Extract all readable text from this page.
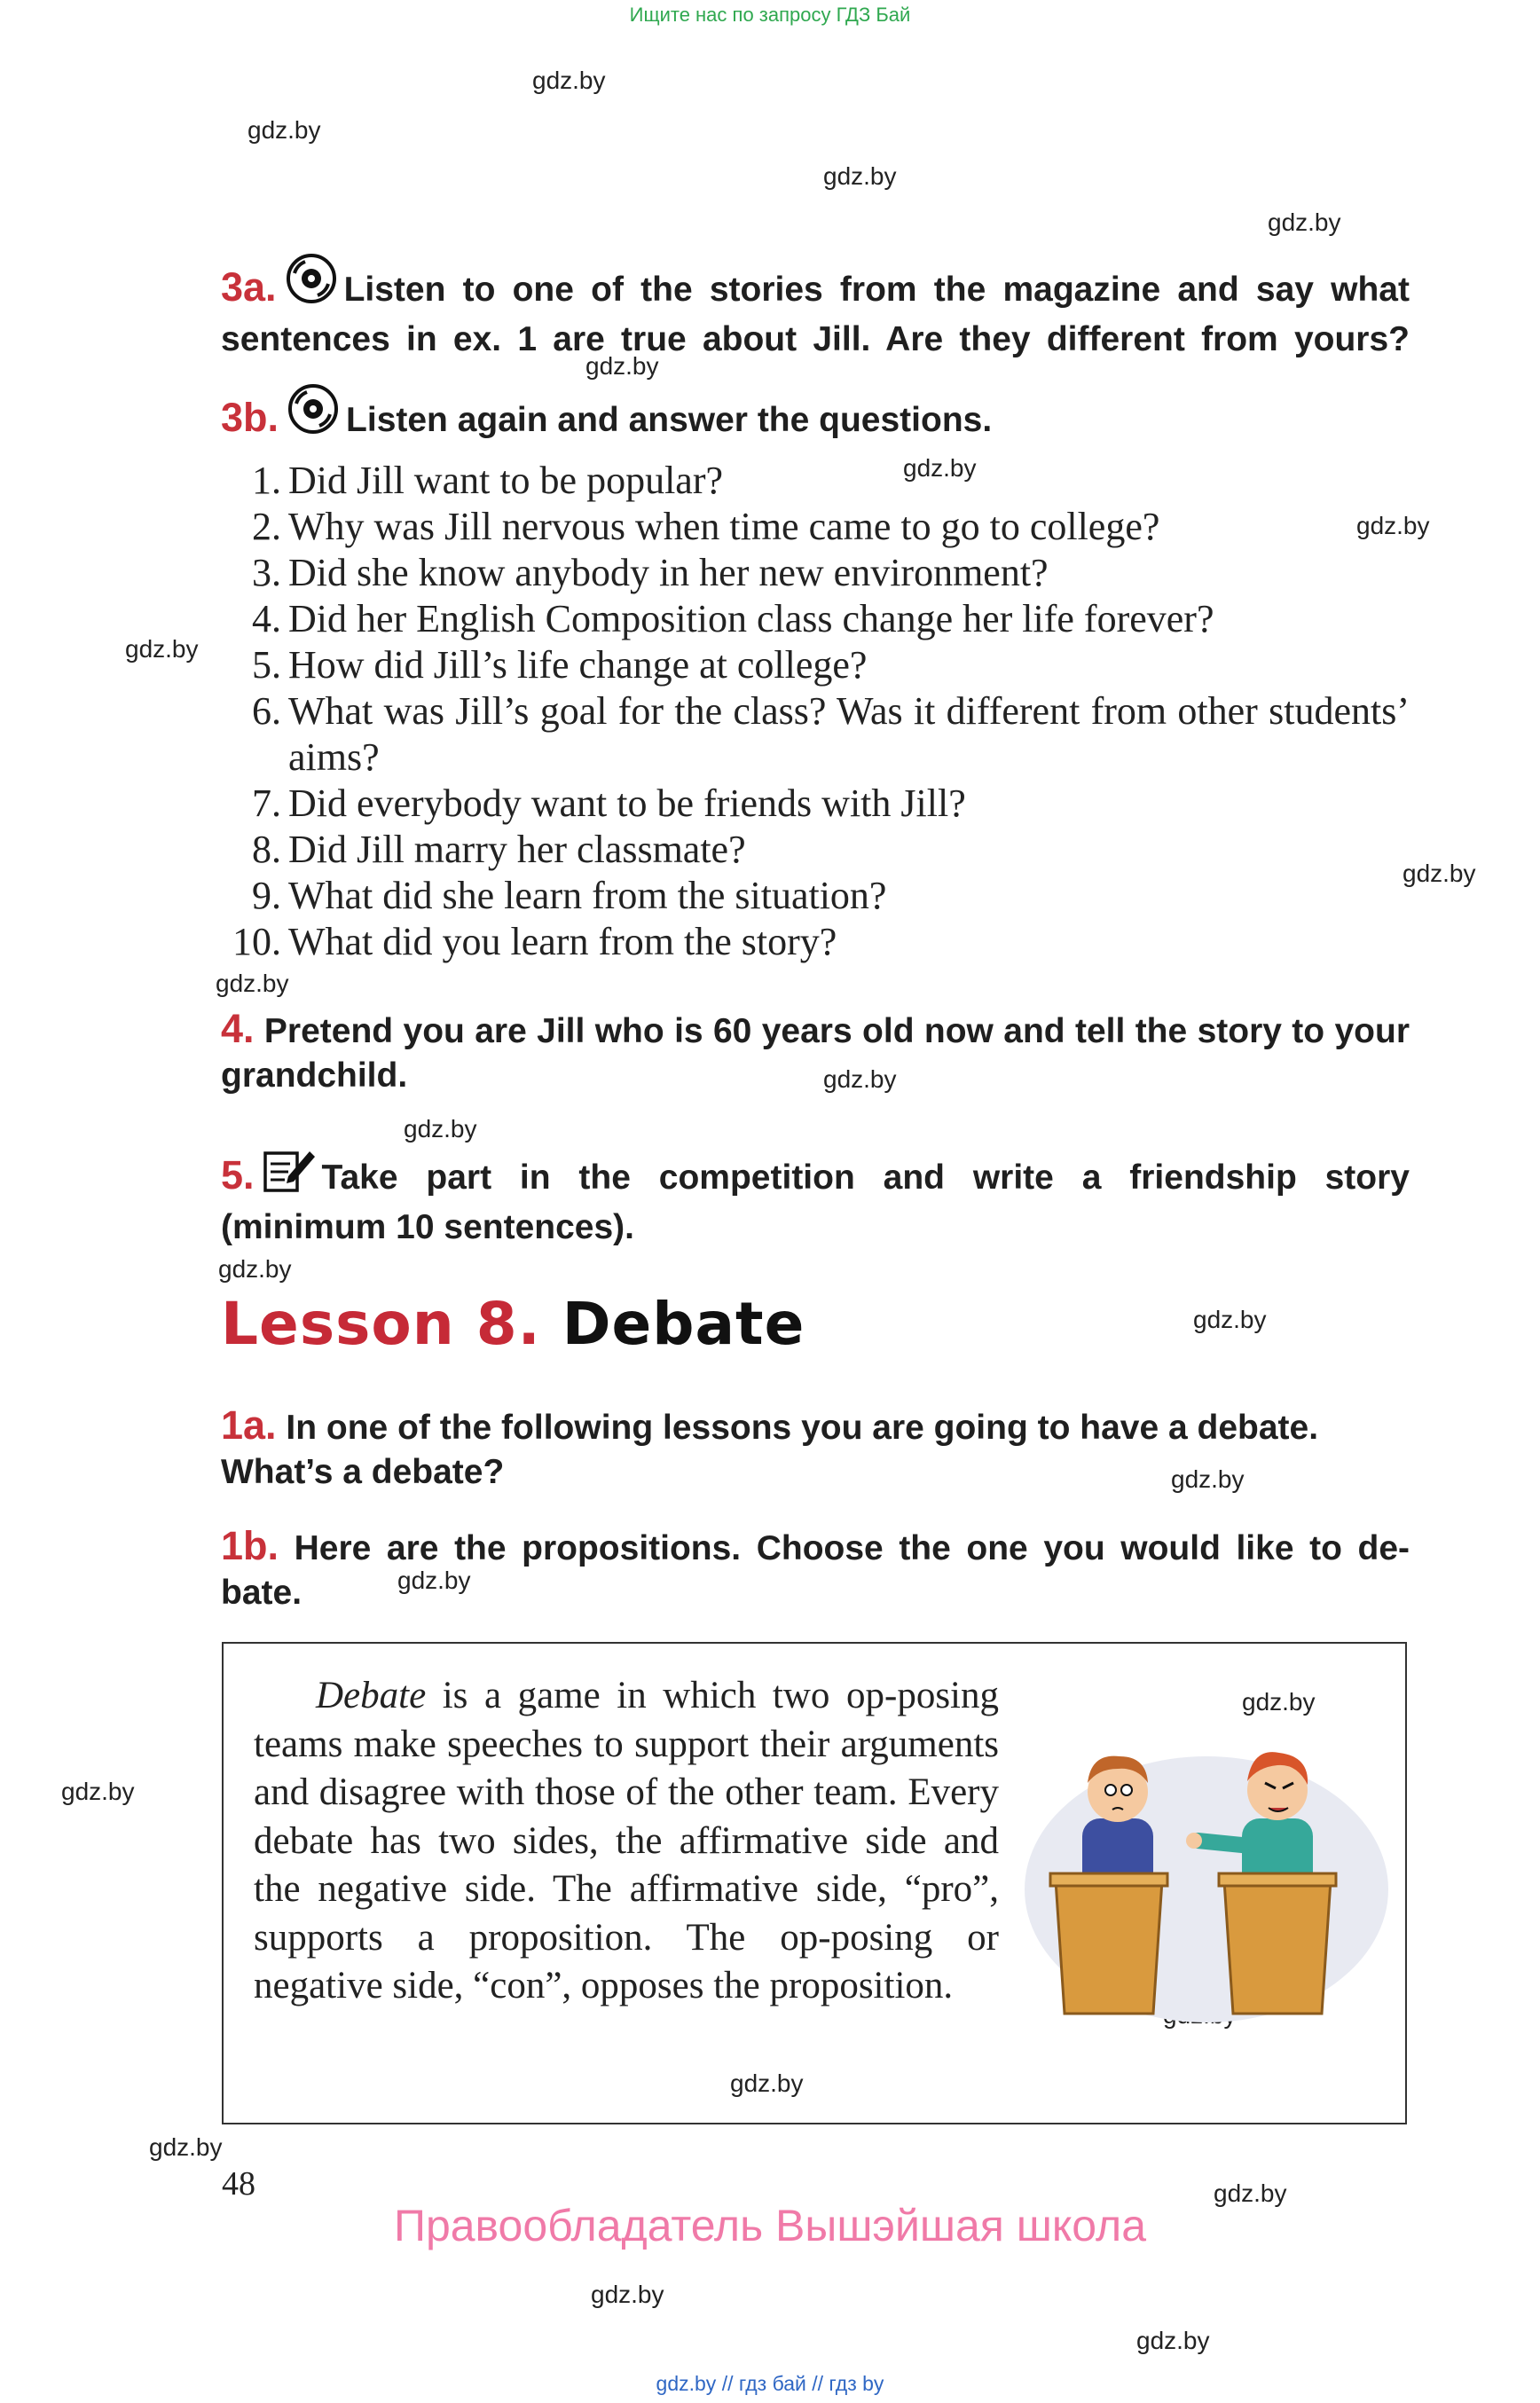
Ищите нас по запросу ГДЗ Бай
gdz.by
gdz.by
gdz.by
gdz.by
gdz.by
gdz.by
gdz.by
gdz.by
gdz.by
gdz.by
gdz.by
gdz.by
gdz.by
gdz.by
gdz.by
gdz.by
gdz.by
gdz.by
gdz.by
gdz.by
gdz.by
gdz.by
gdz.by
3a. Listen to one of the stories from the magazine and say what sentences in ex. 1 are true about Jill. Are they different from yours?
3b. Listen again and answer the questions.
1. Did Jill want to be popular?
2. Why was Jill nervous when time came to go to college?
3. Did she know anybody in her new environment?
4. Did her English Composition class change her life forever?
5. How did Jill’s life change at college?
6. What was Jill’s goal for the class? Was it different from other students’ aims?
7. Did everybody want to be friends with Jill?
8. Did Jill marry her classmate?
9. What did she learn from the situation?
10. What did you learn from the story?
4. Pretend you are Jill who is 60 years old now and tell the story to your grandchild.
5. Take part in the competition and write a friendship story (minimum 10 sentences).
Lesson 8. Debate
1a. In one of the following lessons you are going to have a debate. What’s a debate?
1b. Here are the propositions. Choose the one you would like to de-bate.
Debate is a game in which two op-posing teams make speeches to support their arguments and disagree with those of the other team. Every debate has two sides, the affirmative side and the negative side. The affirmative side, “pro”, supports a proposition. The op-posing or negative side, “con”, opposes the proposition.
48
Правообладатель Вышэйшая школа
gdz.by // гдз бай // гдз by
